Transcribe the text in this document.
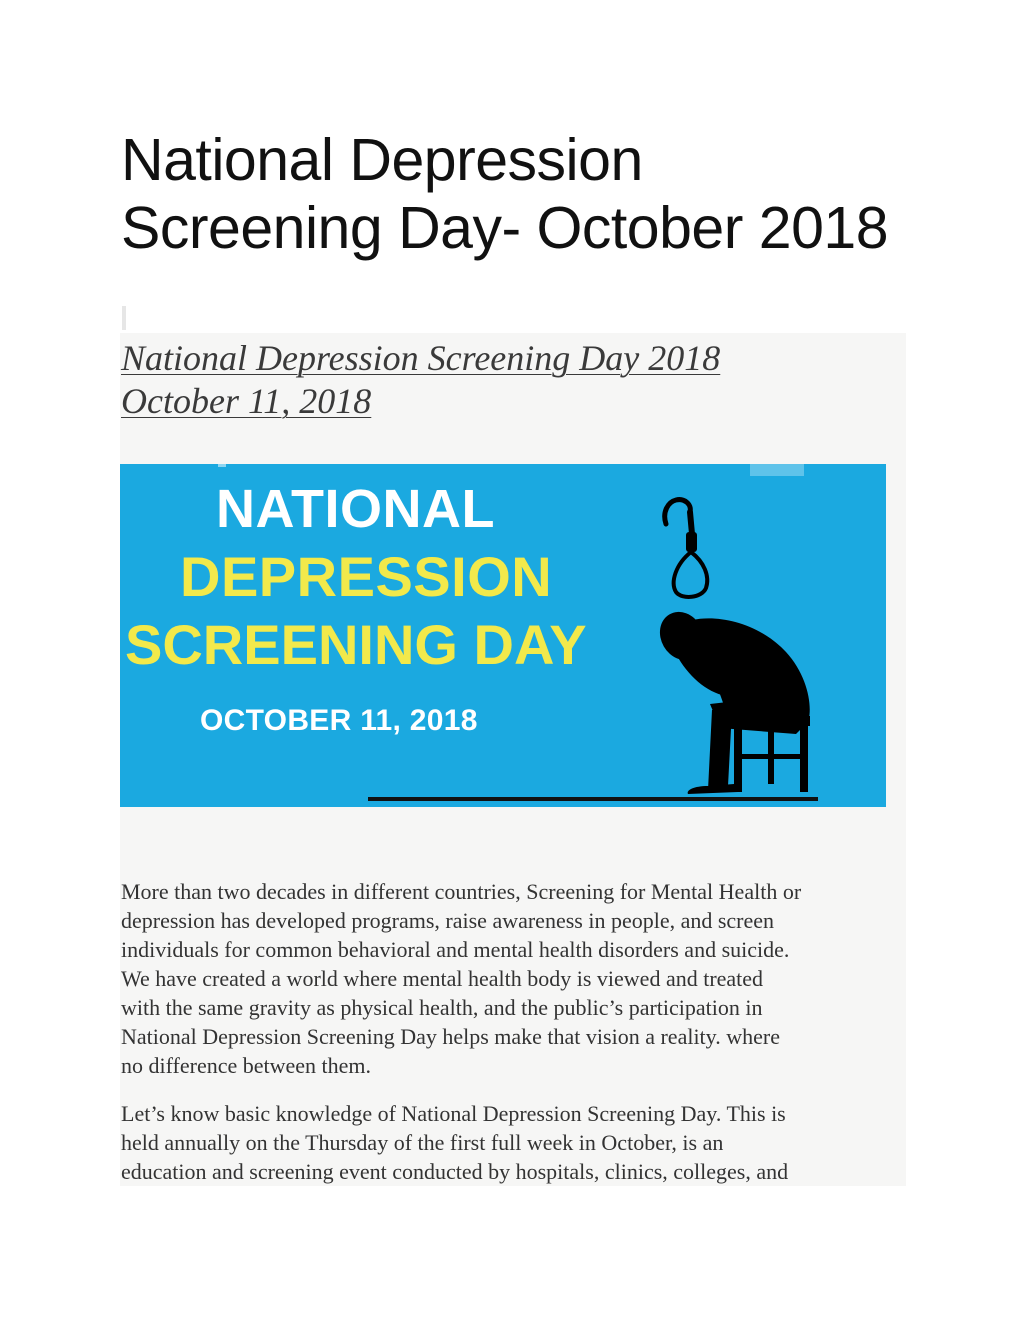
National Depression
Screening Day- October 2018
National Depression Screening Day 2018
October 11, 2018
NATIONAL
DEPRESSION
SCREENING DAY
OCTOBER 11, 2018

More than two decades in different countries, Screening for Mental Health or
depression has developed programs, raise awareness in people, and screen
individuals for common behavioral and mental health disorders and suicide.
We have created a world where mental health body is viewed and treated
with the same gravity as physical health, and the public’s participation in
National Depression Screening Day helps make that vision a reality. where
no difference between them.

Let’s know basic knowledge of National Depression Screening Day. This is
held annually on the Thursday of the first full week in October, is an
education and screening event conducted by hospitals, clinics, colleges, and
